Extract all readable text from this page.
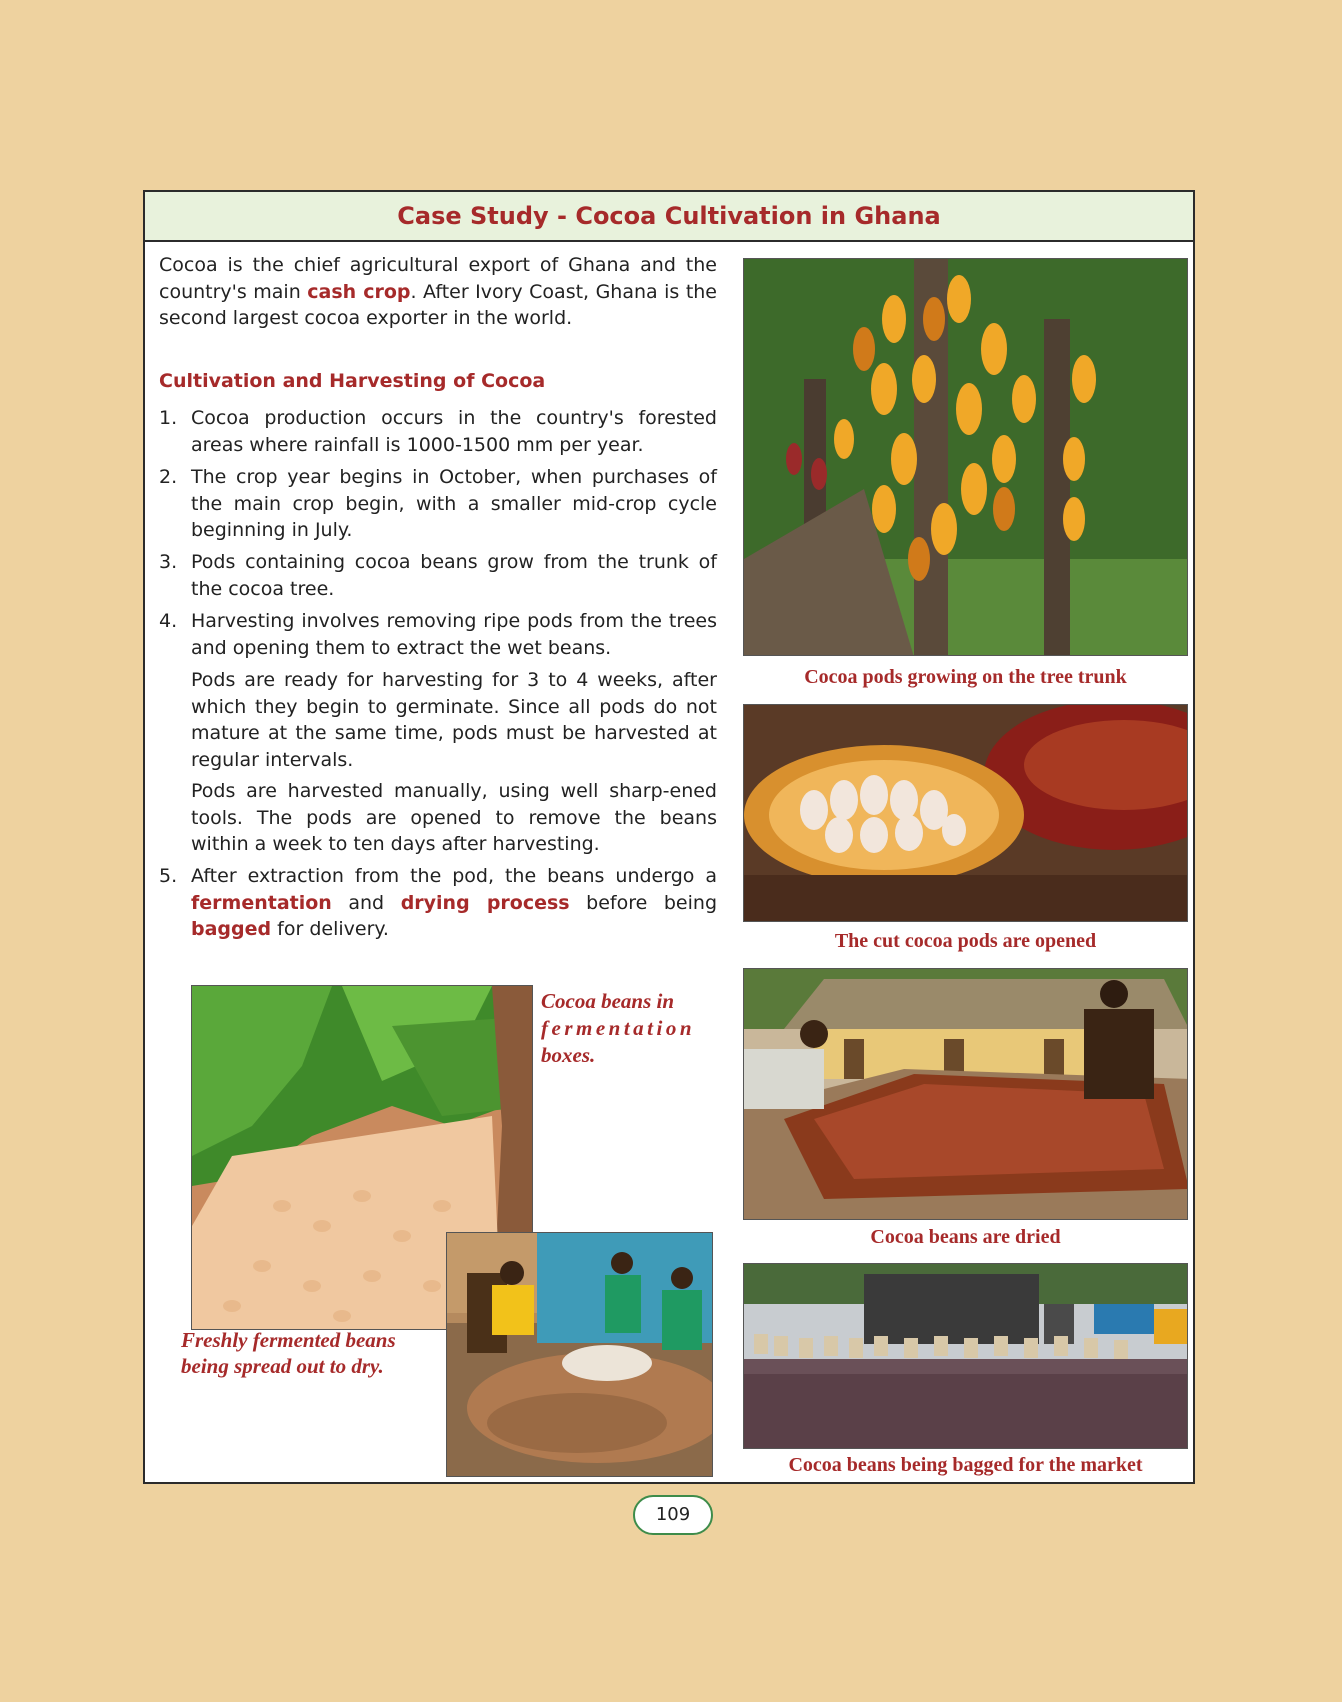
Case Study - Cocoa Cultivation in Ghana
Cocoa is the chief agricultural export of Ghana and the country's main cash crop. After Ivory Coast, Ghana is the second largest cocoa exporter in the world.
Cultivation and Harvesting of Cocoa
1. Cocoa production occurs in the country's forested areas where rainfall is 1000-1500 mm per year.
2. The crop year begins in October, when purchases of the main crop begin, with a smaller mid-crop cycle beginning in July.
3. Pods containing cocoa beans grow from the trunk of the cocoa tree.
4. Harvesting involves removing ripe pods from the trees and opening them to extract the wet beans.
Pods are ready for harvesting for 3 to 4 weeks, after which they begin to germinate. Since all pods do not mature at the same time, pods must be harvested at regular intervals.
Pods are harvested manually, using well sharp-ened tools. The pods are opened to remove the beans within a week to ten days after harvesting.
5. After extraction from the pod, the beans undergo a fermentation and drying process before being bagged for delivery.
Cocoa beans in
fermentation
boxes.
Freshly fermented beans
being spread out to dry.
Cocoa pods growing on the tree trunk
The cut cocoa pods are opened
Cocoa beans are dried
Cocoa beans being bagged for the market
109
